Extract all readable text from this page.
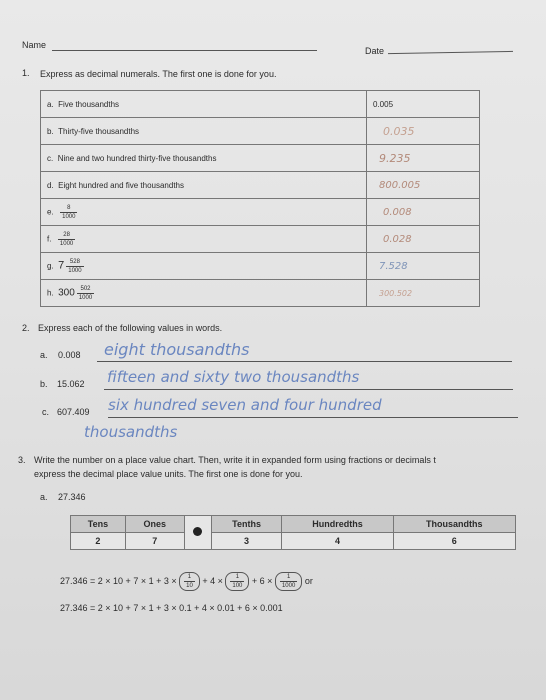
Name
Date
1. Express as decimal numerals. The first one is done for you.
a. Five thousandths	0.005
b. Thirty-five thousandths	0.035
c. Nine and two hundred thirty-five thousandths	9.235
d. Eight hundred and five thousandths	800.005
e. $\frac{8}{1000}$	0.008
f. $\frac{28}{1000}$	0.028
g. $7 \frac{528}{1000}$	7.528
h. $300 \frac{502}{1000}$	300.502
2. Express each of the following values in words.
a. 0.008 eight thousandths
b. 15.062 fifteen and sixty two thousandths
c. 607.409 six hundred seven and four hundred
thousandths
3. Write the number on a place value chart. Then, write it in expanded form using fractions or decimals t
express the decimal place value units. The first one is done for you.
a. 27.346
Tens	Ones		Tenths	Hundredths	Thousandths
2	7		3	4	6
$27.346 = 2 \times 10 + 7 \times 1 + 3 \times \frac{1}{10} + 4 \times \frac{1}{100} + 6 \times \frac{1}{1000}$ or
27.346 = 2 × 10 + 7 × 1 + 3 × 0.1 + 4 × 0.01 + 6 × 0.001
